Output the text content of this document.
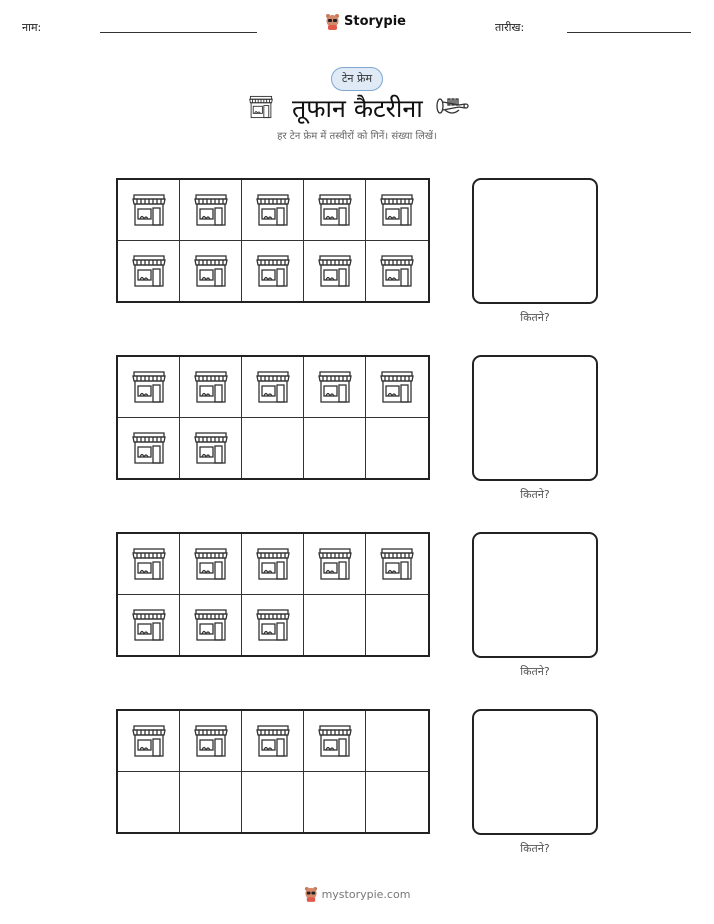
नाम:	Storypie	तारीख:
टेन फ्रेम
तूफान कैटरीना
हर टेन फ्रेम में तस्वीरों को गिनें। संख्या लिखें।
कितने?
कितने?
कितने?
कितने?
mystorypie.com
